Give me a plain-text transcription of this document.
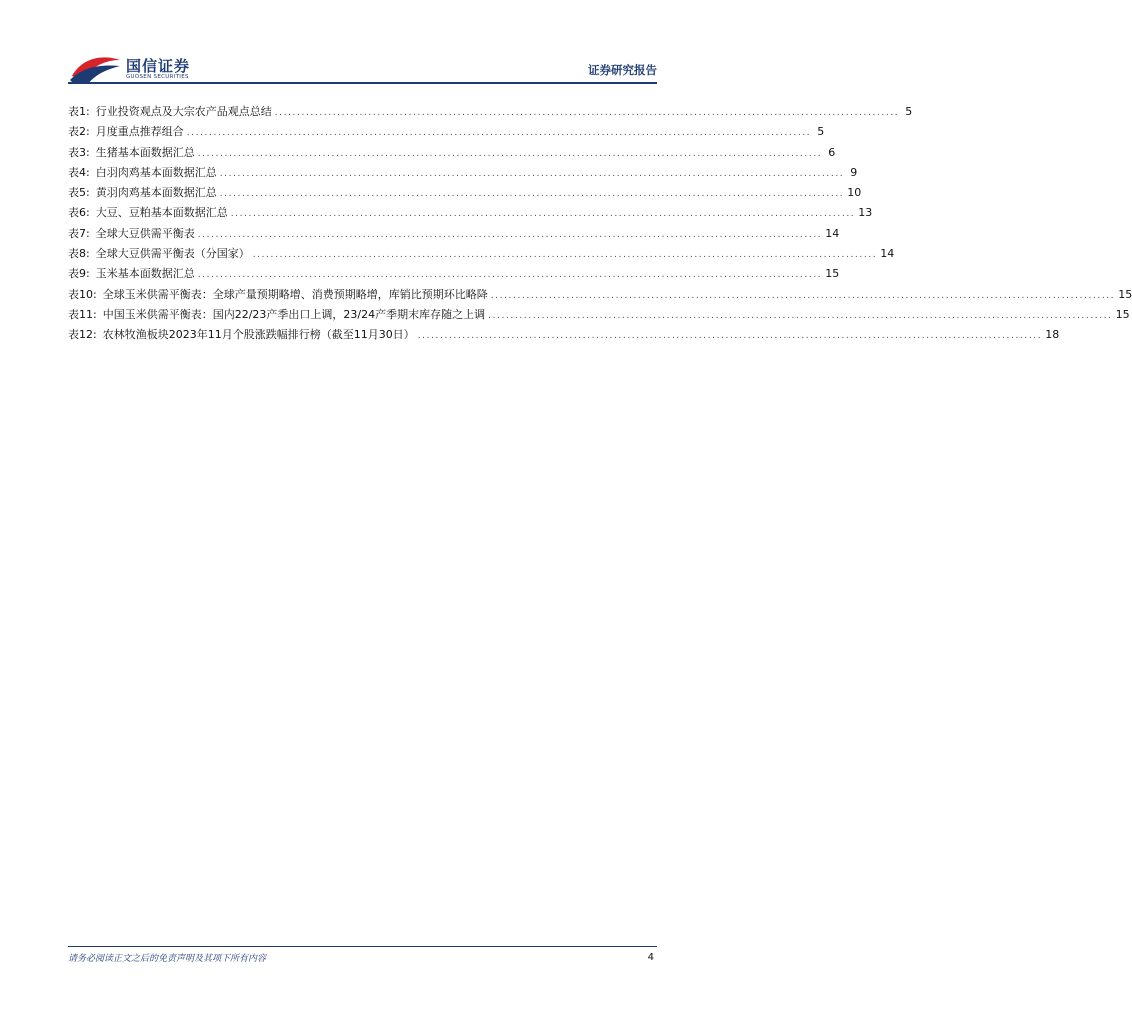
国信证券
GUOSEN SECURITIES	证券研究报告
表1: 行业投资观点及大宗农产品观点总结 ............................................................................................................................................ 5
表2: 月度重点推荐组合 ............................................................................................................................................ 5
表3: 生猪基本面数据汇总 ............................................................................................................................................ 6
表4: 白羽肉鸡基本面数据汇总 ............................................................................................................................................ 9
表5: 黄羽肉鸡基本面数据汇总 ............................................................................................................................................ 10
表6: 大豆、豆粕基本面数据汇总 ............................................................................................................................................ 13
表7: 全球大豆供需平衡表 ............................................................................................................................................ 14
表8: 全球大豆供需平衡表（分国家） ............................................................................................................................................ 14
表9: 玉米基本面数据汇总 ............................................................................................................................................ 15
表10: 全球玉米供需平衡表：全球产量预期略增、消费预期略增，库销比预期环比略降 ............................................................................................................................................ 15
表11: 中国玉米供需平衡表：国内22/23产季出口上调，23/24产季期末库存随之上调 ............................................................................................................................................ 15
表12: 农林牧渔板块2023年11月个股涨跌幅排行榜（截至11月30日） ............................................................................................................................................ 18
请务必阅读正文之后的免责声明及其项下所有内容	4
